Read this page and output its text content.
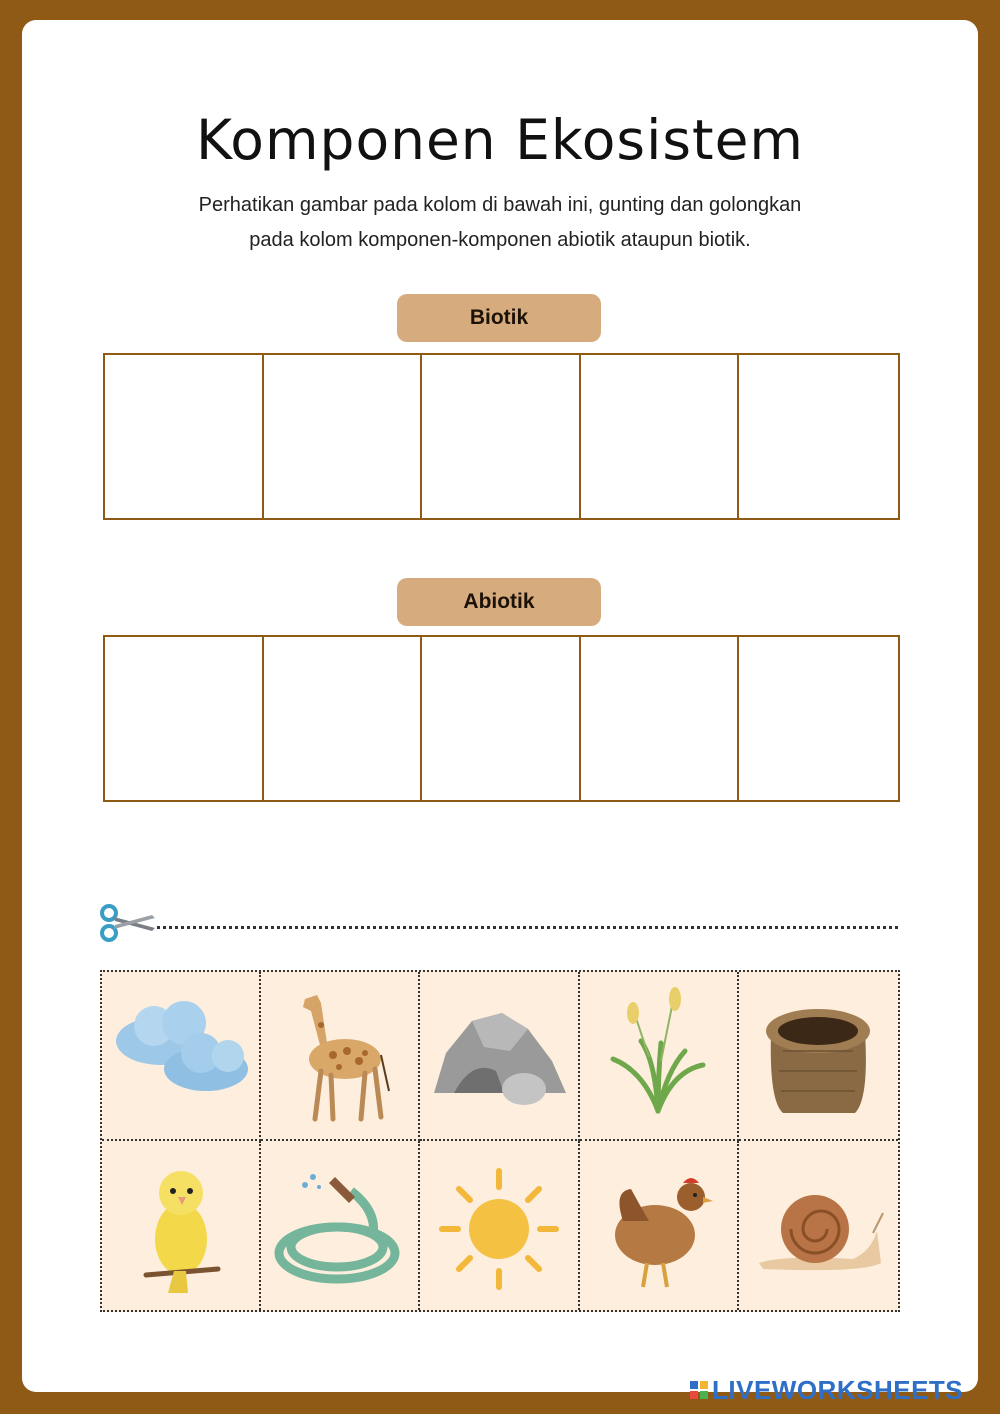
Komponen Ekosistem
Perhatikan gambar pada kolom di bawah ini, gunting dan golongkan
pada kolom komponen-komponen abiotik ataupun biotik.
Biotik
Abiotik
LIVEWORKSHEETS
